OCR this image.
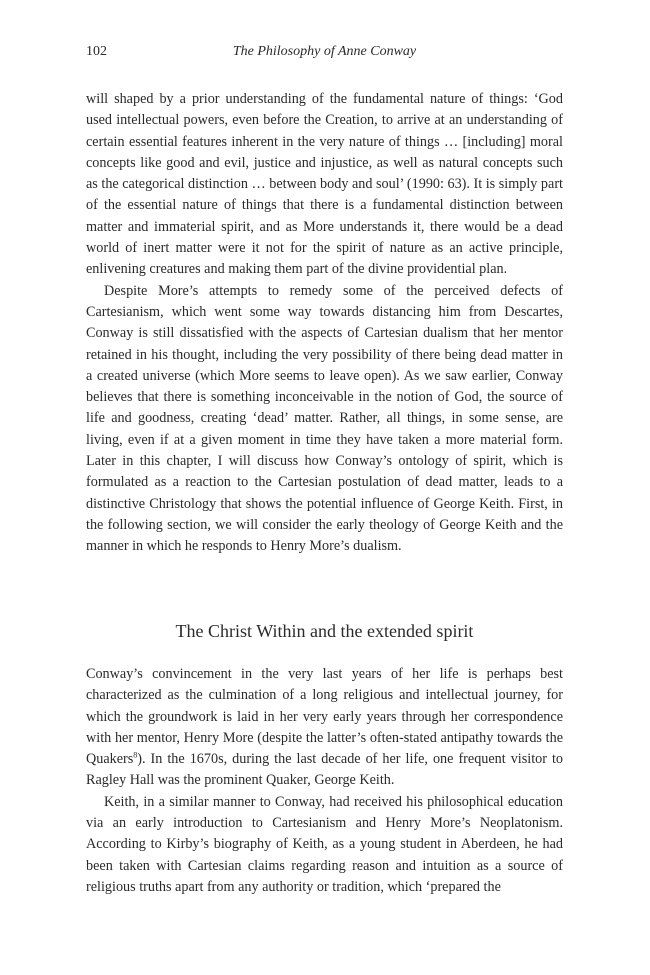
102	The Philosophy of Anne Conway

will shaped by a prior understanding of the fundamental nature of things: ‘God used intellectual powers, even before the Creation, to arrive at an understanding of certain essential features inherent in the very nature of things … [including] moral concepts like good and evil, justice and injustice, as well as natural concepts such as the categorical distinction … between body and soul’ (1990: 63). It is simply part of the essential nature of things that there is a fundamental distinction between matter and immaterial spirit, and as More understands it, there would be a dead world of inert matter were it not for the spirit of nature as an active principle, enlivening creatures and making them part of the divine providential plan.

Despite More’s attempts to remedy some of the perceived defects of Cartesianism, which went some way towards distancing him from Descartes, Conway is still dissatisfied with the aspects of Cartesian dualism that her mentor retained in his thought, including the very possibility of there being dead matter in a created universe (which More seems to leave open). As we saw earlier, Conway believes that there is something inconceivable in the notion of God, the source of life and goodness, creating ‘dead’ matter. Rather, all things, in some sense, are living, even if at a given moment in time they have taken a more material form. Later in this chapter, I will discuss how Conway’s ontology of spirit, which is formulated as a reaction to the Cartesian postulation of dead matter, leads to a distinctive Christology that shows the potential influence of George Keith. First, in the following section, we will consider the early theology of George Keith and the manner in which he responds to Henry More’s dualism.

The Christ Within and the extended spirit

Conway’s convincement in the very last years of her life is perhaps best characterized as the culmination of a long religious and intellectual journey, for which the groundwork is laid in her very early years through her correspondence with her mentor, Henry More (despite the latter’s often-stated antipathy towards the Quakers$^8$). In the 1670s, during the last decade of her life, one frequent visitor to Ragley Hall was the prominent Quaker, George Keith.

Keith, in a similar manner to Conway, had received his philosophical education via an early introduction to Cartesianism and Henry More’s Neoplatonism. According to Kirby’s biography of Keith, as a young student in Aberdeen, he had been taken with Cartesian claims regarding reason and intuition as a source of religious truths apart from any authority or tradition, which ‘prepared the
